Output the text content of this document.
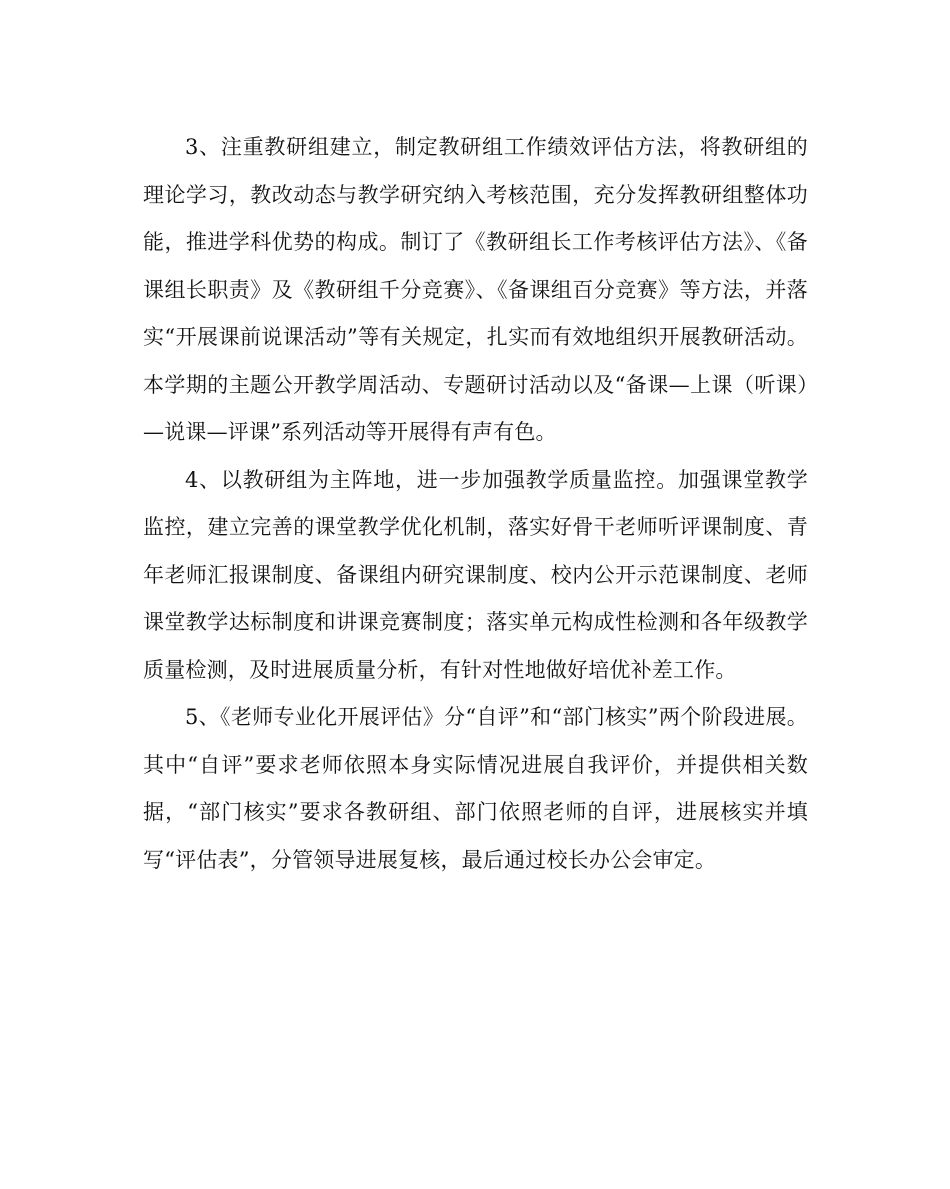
3、注重教研组建立，制定教研组工作绩效评估方法，将教研组的理论学习，教改动态与教学研究纳入考核范围，充分发挥教研组整体功能，推进学科优势的构成。制订了《教研组长工作考核评估方法》、《备课组长职责》及《教研组千分竞赛》、《备课组百分竞赛》等方法，并落实“开展课前说课活动”等有关规定，扎实而有效地组织开展教研活动。本学期的主题公开教学周活动、专题研讨活动以及“备课—上课（听课）—说课—评课”系列活动等开展得有声有色。

4、以教研组为主阵地，进一步加强教学质量监控。加强课堂教学监控，建立完善的课堂教学优化机制，落实好骨干老师听评课制度、青年老师汇报课制度、备课组内研究课制度、校内公开示范课制度、老师课堂教学达标制度和讲课竞赛制度；落实单元构成性检测和各年级教学质量检测，及时进展质量分析，有针对性地做好培优补差工作。

5、《老师专业化开展评估》分“自评”和“部门核实”两个阶段进展。其中“自评”要求老师依照本身实际情况进展自我评价，并提供相关数据，“部门核实”要求各教研组、部门依照老师的自评，进展核实并填写“评估表”，分管领导进展复核，最后通过校长办公会审定。
